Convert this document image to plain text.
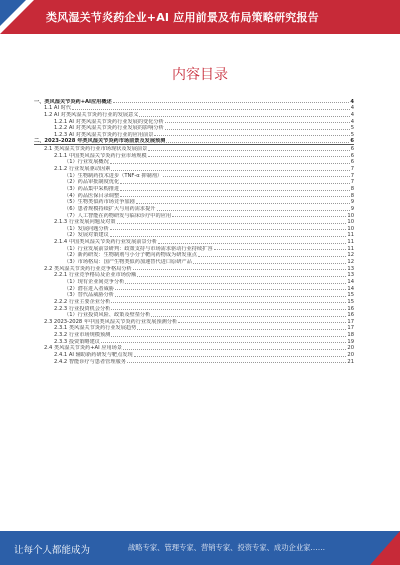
类风湿关节炎药企业+AI 应用前景及布局策略研究报告
内容目录
一、类风湿关节炎药+AI应用概述	4
1.1 AI 时代	4
1.2 AI 对类风湿关节炎药行业的发展意义	4
1.2.1 AI 对类风湿关节炎药行业发展的变化分析	4
1.2.2 AI 对类风湿关节炎药行业发展的影响分析	5
1.2.3 AI 对类风湿关节炎药行业的应用前景	5
二、2023-2028 年类风湿关节炎药市场前景及发展预测	6
2.1 类风湿关节炎药行业市场现状及发展前景	6
2.1.1 中国类风湿关节炎药行业市场规模	6
（1）行业发展概况	6
2.1.2 行业发展驱动因素	7
（1）生物制药技术进步（TNF-α 抑制剂）	7
（2）药品审批制度优化	7
（3）药品集中采购推进	8
（4）药品医保目录调整	8
（5）生物类似药市场竞争加剧	9
（6）患者规模持续扩大与用药需求提升	9
（7）人工智能在药物研发与临床诊疗中的应用	10
2.1.3 行业发展问题及对策	10
（1）发展问题分析	10
（2）发展对策建议	11
2.1.4 中国类风湿关节炎药行业发展前景分析	11
（1）行业发展前景研判：政策支持与市场需求驱动行业持续扩容	11
（2）新药研发：生物制剂与小分子靶向药物成为研发重点	12
（3）市场格局：国产生物类似药加速替代进口原研产品	12
2.2 类风湿关节炎药行业竞争格局分析	13
2.2.1 行业竞争格局及企业市场份额	13
（1）现有企业间竞争分析	14
（2）潜在进入者威胁	14
（3）替代品威胁分析	15
2.2.2 行业主要企业分析	15
2.2.3 行业投资机会分析	16
（1）行业投资风险、政策及壁垒分析	16
2.3 2023-2028 年中国类风湿关节炎药行业发展预测分析	17
2.3.1 类风湿关节炎药行业发展趋势	17
2.3.2 行业市场规模预测	18
2.3.3 投资策略建议	19
2.4 类风湿关节炎药+AI 应用场景	20
2.4.1 AI 辅助新药研发与靶点发现	20
2.4.2 智能诊疗与患者管理服务	21
让每个人都能成为	战略专家、管理专家、营销专家、投资专家、成功企业家……
